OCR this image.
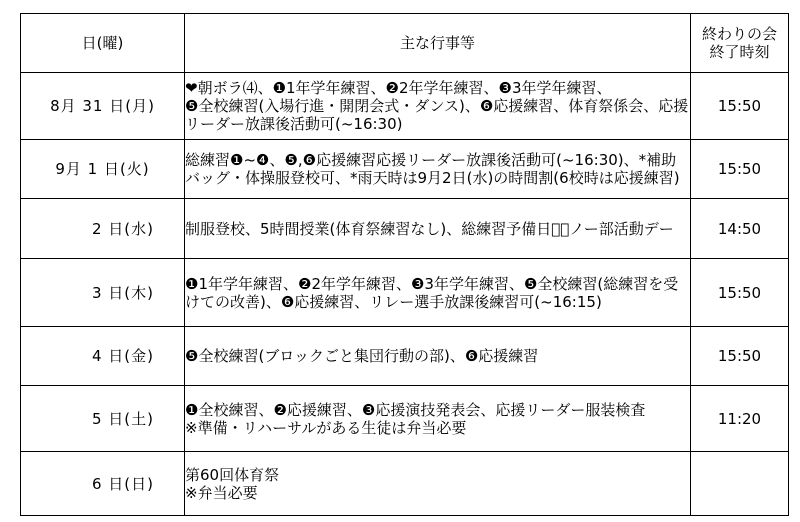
日(曜)	主な行事等	終わりの会
終了時刻
8月 31 日(月)	❤朝ボラ⑷、❶1年学年練習、❷2年学年練習、❸3年学年練習、
❺全校練習(入場行進・開閉会式・ダンス)、❻応援練習、体育祭係会、応援リーダー放課後活動可(~16:30)	15:50
9月 1 日(火)	総練習❶~❹、❺,❻応援練習応援リーダー放課後活動可(~16:30)、*補助バッグ・体操服登校可、*雨天時は9月2日(水)の時間割(6校時は応援練習)	15:50
2 日(水)	制服登校、5時間授業(体育祭練習なし)、総練習予備日、⃠ノー部活動デー	14:50
3 日(木)	❶1年学年練習、❷2年学年練習、❸3年学年練習、❺全校練習(総練習を受けての改善)、❻応援練習、リレー選手放課後練習可(~16:15)	15:50
4 日(金)	❺全校練習(ブロックごと集団行動の部)、❻応援練習	15:50
5 日(土)	❶全校練習、❷応援練習、❸応援演技発表会、応援リーダー服装検査
※準備・リハーサルがある生徒は弁当必要	11:20
6 日(日)	第60回体育祭
※弁当必要	
